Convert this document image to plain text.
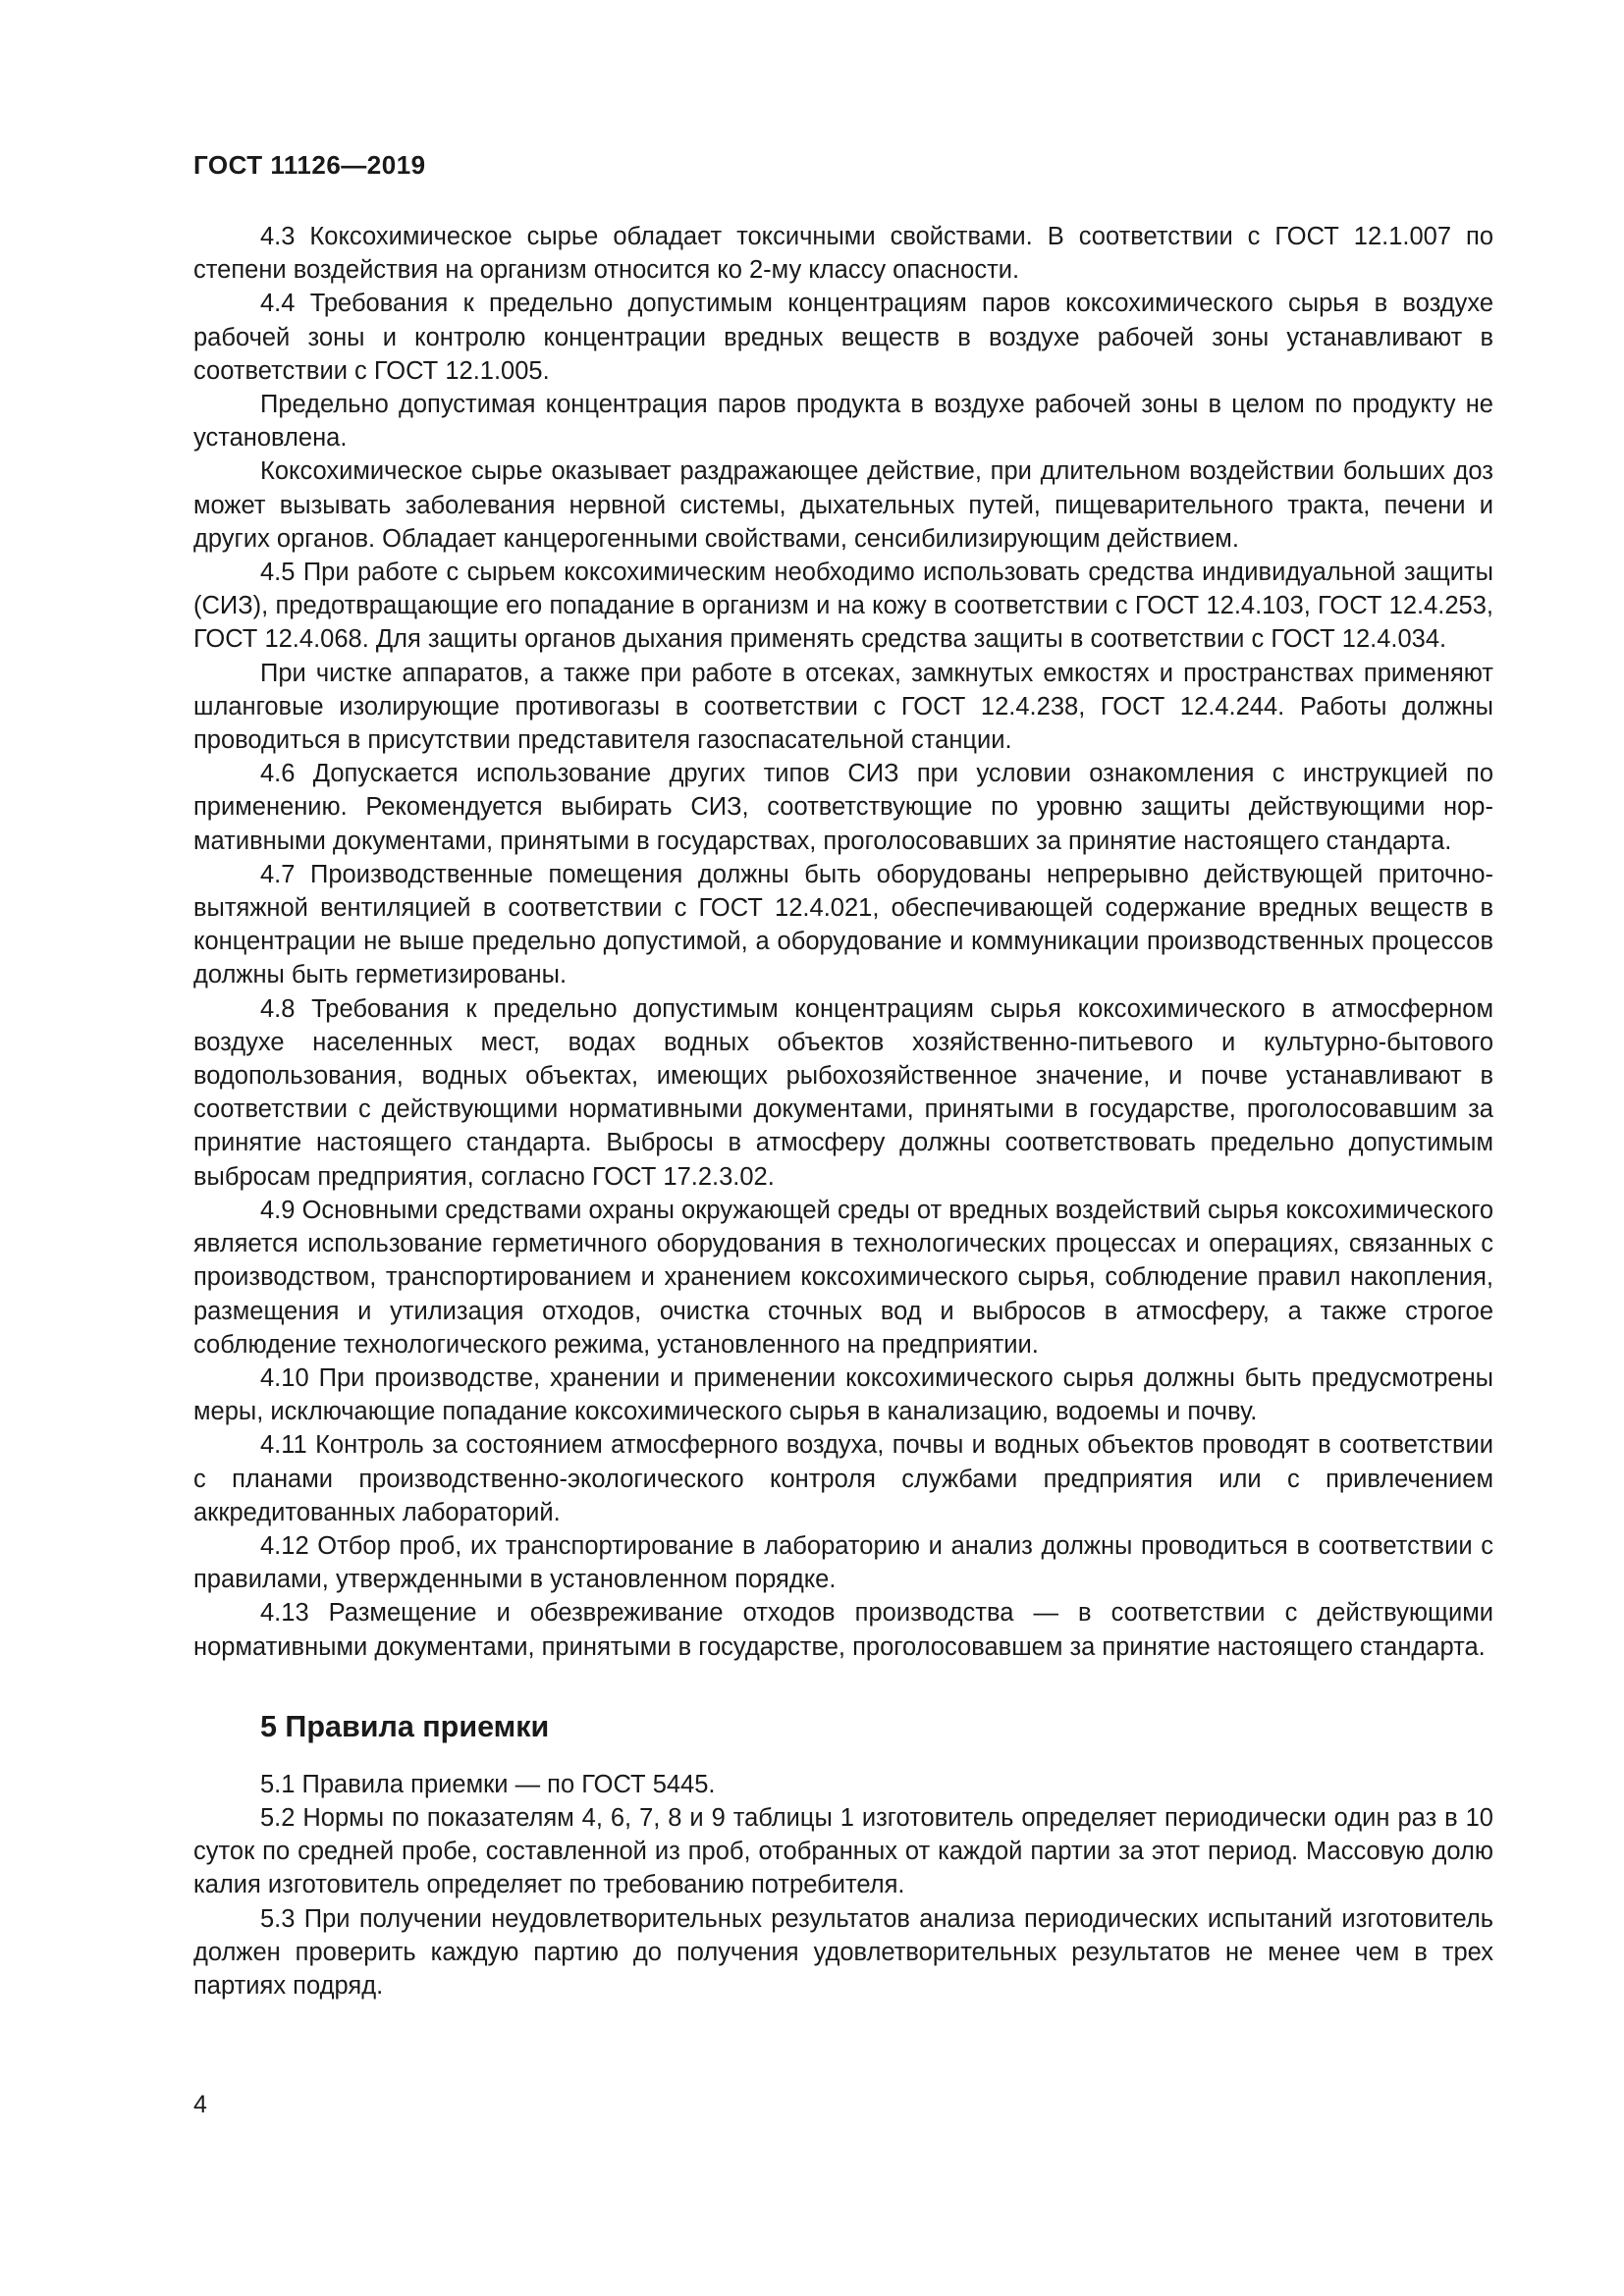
ГОСТ 11126—2019

4.3 Коксохимическое сырье обладает токсичными свойствами. В соответствии с ГОСТ 12.1.007 по степени воздействия на организм относится ко 2-му классу опасности.

4.4 Требования к предельно допустимым концентрациям паров коксохимического сырья в воздухе рабочей зоны и контролю концентрации вредных веществ в воздухе рабочей зоны устанавливают в соответствии с ГОСТ 12.1.005.

Предельно допустимая концентрация паров продукта в воздухе рабочей зоны в целом по продукту не установлена.

Коксохимическое сырье оказывает раздражающее действие, при длительном воздействии больших доз может вызывать заболевания нервной системы, дыхательных путей, пищеварительного тракта, печени и других органов. Обладает канцерогенными свойствами, сенсибилизирующим действием.

4.5 При работе с сырьем коксохимическим необходимо использовать средства индивидуальной защиты (СИЗ), предотвращающие его попадание в организм и на кожу в соответствии с ГОСТ 12.4.103, ГОСТ 12.4.253, ГОСТ 12.4.068. Для защиты органов дыхания применять средства защиты в соответствии с ГОСТ 12.4.034.

При чистке аппаратов, а также при работе в отсеках, замкнутых емкостях и пространствах применяют шланговые изолирующие противогазы в соответствии с ГОСТ 12.4.238, ГОСТ 12.4.244. Работы должны проводиться в присутствии представителя газоспасательной станции.

4.6 Допускается использование других типов СИЗ при условии ознакомления с инструкцией по применению. Рекомендуется выбирать СИЗ, соответствующие по уровню защиты действующими нормативными документами, принятыми в государствах, проголосовавших за принятие настоящего стандарта.

4.7 Производственные помещения должны быть оборудованы непрерывно действующей приточно-вытяжной вентиляцией в соответствии с ГОСТ 12.4.021, обеспечивающей содержание вредных веществ в концентрации не выше предельно допустимой, а оборудование и коммуникации производственных процессов должны быть герметизированы.

4.8 Требования к предельно допустимым концентрациям сырья коксохимического в атмосферном воздухе населенных мест, водах водных объектов хозяйственно-питьевого и культурно-бытового водопользования, водных объектах, имеющих рыбохозяйственное значение, и почве устанавливают в соответствии с действующими нормативными документами, принятыми в государстве, проголосовавшим за принятие настоящего стандарта. Выбросы в атмосферу должны соответствовать предельно допустимым выбросам предприятия, согласно ГОСТ 17.2.3.02.

4.9 Основными средствами охраны окружающей среды от вредных воздействий сырья коксохимического является использование герметичного оборудования в технологических процессах и операциях, связанных с производством, транспортированием и хранением коксохимического сырья, соблюдение правил накопления, размещения и утилизация отходов, очистка сточных вод и выбросов в атмосферу, а также строгое соблюдение технологического режима, установленного на предприятии.

4.10 При производстве, хранении и применении коксохимического сырья должны быть предусмотрены меры, исключающие попадание коксохимического сырья в канализацию, водоемы и почву.

4.11 Контроль за состоянием атмосферного воздуха, почвы и водных объектов проводят в соответствии с планами производственно-экологического контроля службами предприятия или с привлечением аккредитованных лабораторий.

4.12 Отбор проб, их транспортирование в лабораторию и анализ должны проводиться в соответствии с правилами, утвержденными в установленном порядке.

4.13 Размещение и обезвреживание отходов производства — в соответствии с действующими нормативными документами, принятыми в государстве, проголосовавшем за принятие настоящего стандарта.

5 Правила приемки

5.1 Правила приемки — по ГОСТ 5445.

5.2 Нормы по показателям 4, 6, 7, 8 и 9 таблицы 1 изготовитель определяет периодически один раз в 10 суток по средней пробе, составленной из проб, отобранных от каждой партии за этот период. Массовую долю калия изготовитель определяет по требованию потребителя.

5.3 При получении неудовлетворительных результатов анализа периодических испытаний изготовитель должен проверить каждую партию до получения удовлетворительных результатов не менее чем в трех партиях подряд.

4
